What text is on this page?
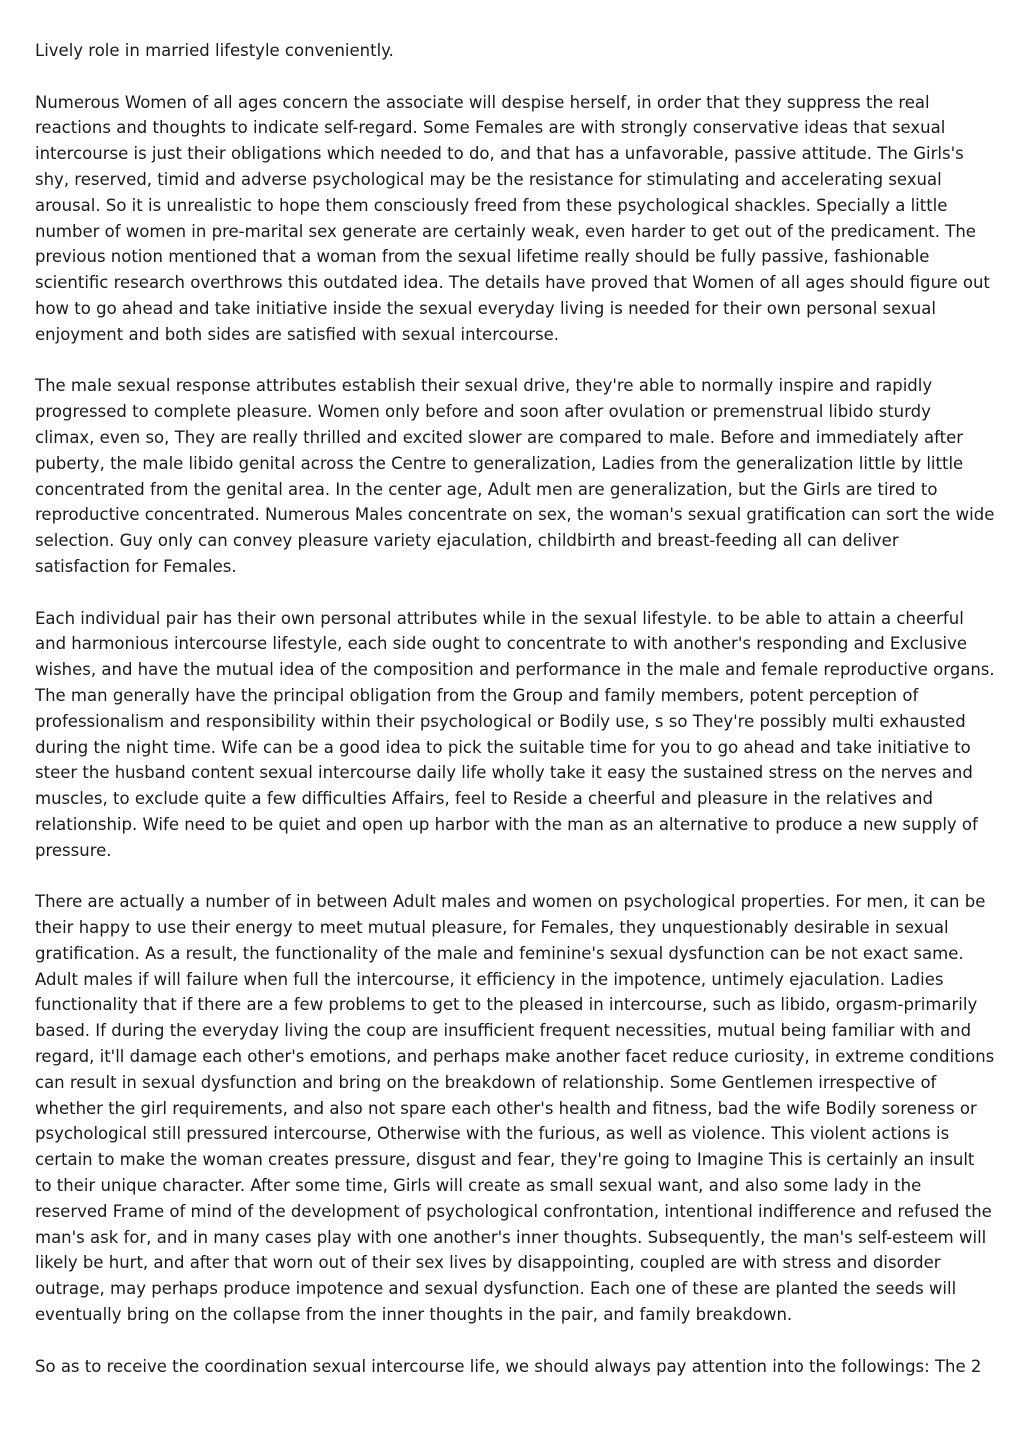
Lively role in married lifestyle conveniently.

Numerous Women of all ages concern the associate will despise herself, in order that they suppress the real reactions and thoughts to indicate self-regard. Some Females are with strongly conservative ideas that sexual intercourse is just their obligations which needed to do, and that has a unfavorable, passive attitude. The Girls's shy, reserved, timid and adverse psychological may be the resistance for stimulating and accelerating sexual arousal. So it is unrealistic to hope them consciously freed from these psychological shackles. Specially a little number of women in pre-marital sex generate are certainly weak, even harder to get out of the predicament. The previous notion mentioned that a woman from the sexual lifetime really should be fully passive, fashionable scientific research overthrows this outdated idea. The details have proved that Women of all ages should figure out how to go ahead and take initiative inside the sexual everyday living is needed for their own personal sexual enjoyment and both sides are satisfied with sexual intercourse.

The male sexual response attributes establish their sexual drive, they're able to normally inspire and rapidly progressed to complete pleasure. Women only before and soon after ovulation or premenstrual libido sturdy climax, even so, They are really thrilled and excited slower are compared to male. Before and immediately after puberty, the male libido genital across the Centre to generalization, Ladies from the generalization little by little concentrated from the genital area. In the center age, Adult men are generalization, but the Girls are tired to reproductive concentrated. Numerous Males concentrate on sex, the woman's sexual gratification can sort the wide selection. Guy only can convey pleasure variety ejaculation, childbirth and breast-feeding all can deliver satisfaction for Females.

Each individual pair has their own personal attributes while in the sexual lifestyle. to be able to attain a cheerful and harmonious intercourse lifestyle, each side ought to concentrate to with another's responding and Exclusive wishes, and have the mutual idea of the composition and performance in the male and female reproductive organs. The man generally have the principal obligation from the Group and family members, potent perception of professionalism and responsibility within their psychological or Bodily use, s so They're possibly multi exhausted during the night time. Wife can be a good idea to pick the suitable time for you to go ahead and take initiative to steer the husband content sexual intercourse daily life wholly take it easy the sustained stress on the nerves and muscles, to exclude quite a few difficulties Affairs, feel to Reside a cheerful and pleasure in the relatives and relationship. Wife need to be quiet and open up harbor with the man as an alternative to produce a new supply of pressure.

There are actually a number of in between Adult males and women on psychological properties. For men, it can be their happy to use their energy to meet mutual pleasure, for Females, they unquestionably desirable in sexual gratification. As a result, the functionality of the male and feminine's sexual dysfunction can be not exact same. Adult males if will failure when full the intercourse, it efficiency in the impotence, untimely ejaculation. Ladies functionality that if there are a few problems to get to the pleased in intercourse, such as libido, orgasm-primarily based. If during the everyday living the coup are insufficient frequent necessities, mutual being familiar with and regard, it'll damage each other's emotions, and perhaps make another facet reduce curiosity, in extreme conditions can result in sexual dysfunction and bring on the breakdown of relationship. Some Gentlemen irrespective of whether the girl requirements, and also not spare each other's health and fitness, bad the wife Bodily soreness or psychological still pressured intercourse, Otherwise with the furious, as well as violence. This violent actions is certain to make the woman creates pressure, disgust and fear, they're going to Imagine This is certainly an insult to their unique character. After some time, Girls will create as small sexual want, and also some lady in the reserved Frame of mind of the development of psychological confrontation, intentional indifference and refused the man's ask for, and in many cases play with one another's inner thoughts. Subsequently, the man's self-esteem will likely be hurt, and after that worn out of their sex lives by disappointing, coupled are with stress and disorder outrage, may perhaps produce impotence and sexual dysfunction. Each one of these are planted the seeds will eventually bring on the collapse from the inner thoughts in the pair, and family breakdown.

So as to receive the coordination sexual intercourse life, we should always pay attention into the followings: The 2
